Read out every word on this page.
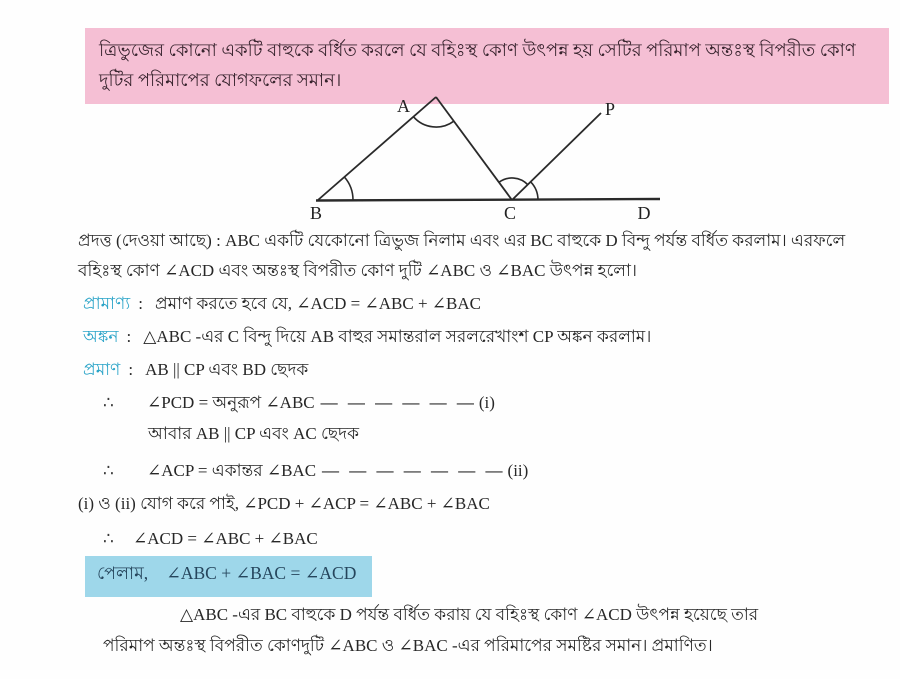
ত্রিভুজের কোনো একটি বাহুকে বর্ধিত করলে যে বহিঃস্থ কোণ উৎপন্ন হয় সেটির পরিমাপ অন্তঃস্থ বিপরীত কোণ দুটির পরিমাপের যোগফলের সমান।
A
B	C	D
P
প্রদত্ত (দেওয়া আছে) : ABC একটি যেকোনো ত্রিভুজ নিলাম এবং এর BC বাহুকে D বিন্দু পর্যন্ত বর্ধিত করলাম। এরফলে বহিঃস্থ কোণ ∠ACD এবং অন্তঃস্থ বিপরীত কোণ দুটি ∠ABC ও ∠BAC উৎপন্ন হলো।
প্রামাণ্য : প্রমাণ করতে হবে যে, ∠ACD = ∠ABC + ∠BAC
অঙ্কন : △ABC -এর C বিন্দু দিয়ে AB বাহুর সমান্তরাল সরলরেখাংশ CP অঙ্কন করলাম।
প্রমাণ : AB || CP এবং BD ছেদক
∴ ∠PCD = অনুরূপ ∠ABC — — — — — — (i)
আবার AB || CP এবং AC ছেদক
∴ ∠ACP = একান্তর ∠BAC — — — — — — — (ii)
(i) ও (ii) যোগ করে পাই, ∠PCD + ∠ACP = ∠ABC + ∠BAC
∴ ∠ACD = ∠ABC + ∠BAC
পেলাম, ∠ABC + ∠BAC = ∠ACD
△ABC -এর BC বাহুকে D পর্যন্ত বর্ধিত করায় যে বহিঃস্থ কোণ ∠ACD উৎপন্ন হয়েছে তার
পরিমাপ অন্তঃস্থ বিপরীত কোণদুটি ∠ABC ও ∠BAC -এর পরিমাপের সমষ্টির সমান। প্রমাণিত।
